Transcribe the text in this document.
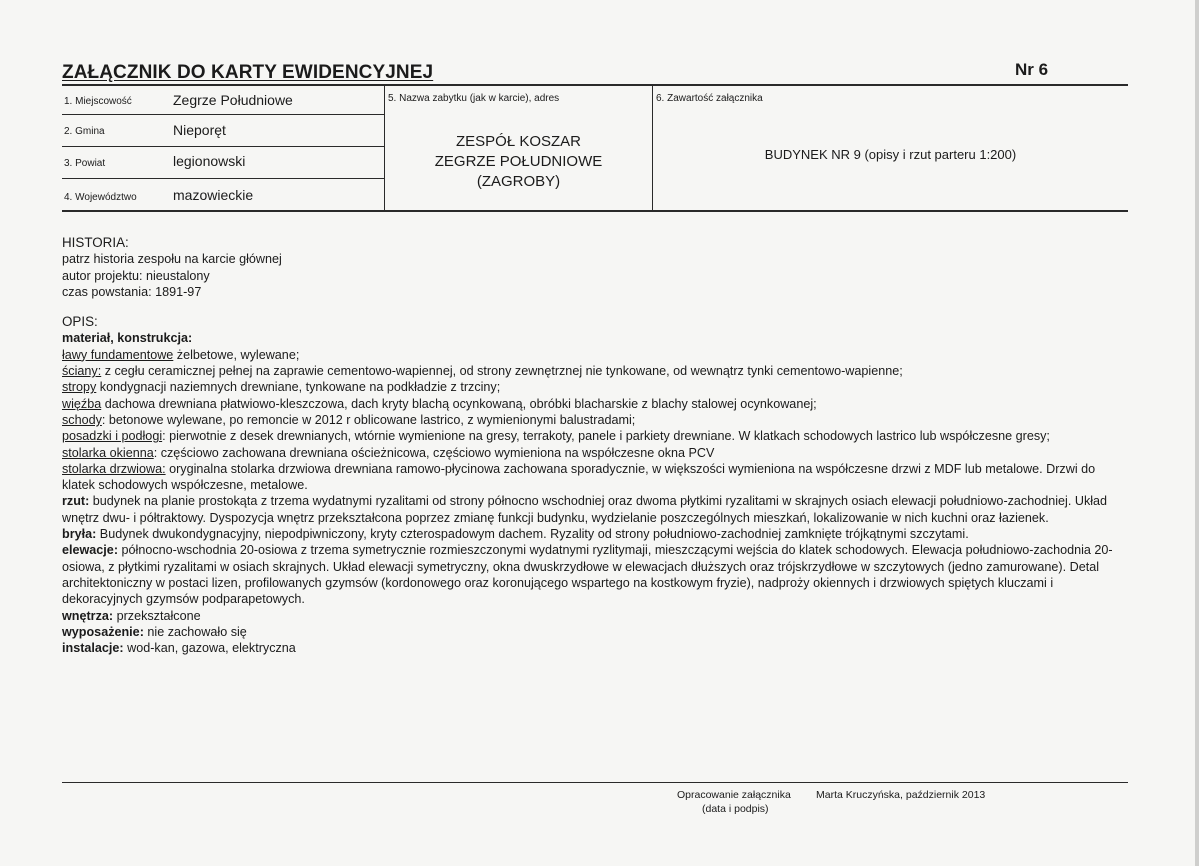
ZAŁĄCZNIK DO KARTY EWIDENCYJNEJ	Nr 6
1. Miejscowość	Zegrze Południowe
2. Gmina	Nieporęt
3. Powiat	legionowski
4. Województwo	mazowieckie
5. Nazwa zabytku (jak w karcie), adres
ZESPÓŁ KOSZAR
ZEGRZE POŁUDNIOWE
(ZAGROBY)
6. Zawartość załącznika
BUDYNEK NR 9 (opisy i rzut parteru 1:200)

HISTORIA:

patrz historia zespołu na karcie głównej

autor projektu: nieustalony

czas powstania: 1891-97

OPIS:

materiał, konstrukcja:

ławy fundamentowe żelbetowe, wylewane;

ściany: z cegłu ceramicznej pełnej na zaprawie cementowo-wapiennej, od strony zewnętrznej nie tynkowane, od wewnątrz tynki cementowo-wapienne;

stropy kondygnacji naziemnych drewniane, tynkowane na podkładzie z trzciny;

więźba dachowa drewniana płatwiowo-kleszczowa, dach kryty blachą ocynkowaną, obróbki blacharskie z blachy stalowej ocynkowanej;

schody: betonowe wylewane, po remoncie w 2012 r oblicowane lastrico, z wymienionymi balustradami;

posadzki i podłogi: pierwotnie z desek drewnianych, wtórnie wymienione na gresy, terrakoty, panele i parkiety drewniane. W klatkach schodowych lastrico lub współczesne gresy;

stolarka okienna: częściowo zachowana drewniana ościeżnicowa, częściowo wymieniona na współczesne okna PCV

stolarka drzwiowa: oryginalna stolarka drzwiowa drewniana ramowo-płycinowa zachowana sporadycznie, w większości wymieniona na współczesne drzwi z MDF lub metalowe. Drzwi do klatek schodowych współczesne, metalowe.

rzut: budynek na planie prostokąta z trzema wydatnymi ryzalitami od strony północno wschodniej oraz dwoma płytkimi ryzalitami w skrajnych osiach elewacji południowo-zachodniej. Układ wnętrz dwu- i półtraktowy. Dyspozycja wnętrz przekształcona poprzez zmianę funkcji budynku, wydzielanie poszczególnych mieszkań, lokalizowanie w nich kuchni oraz łazienek.

bryła: Budynek dwukondygnacyjny, niepodpiwniczony, kryty czterospadowym dachem. Ryzality od strony południowo-zachodniej zamknięte trójkątnymi szczytami.

elewacje: północno-wschodnia 20-osiowa z trzema symetrycznie rozmieszczonymi wydatnymi ryzlitymaji, mieszczącymi wejścia do klatek schodowych. Elewacja południowo-zachodnia 20-osiowa, z płytkimi ryzalitami w osiach skrajnych. Układ elewacji symetryczny, okna dwuskrzydłowe w elewacjach dłuższych oraz trójskrzydłowe w szczytowych (jedno zamurowane). Detal architektoniczny w postaci lizen, profilowanych gzymsów (kordonowego oraz koronującego wspartego na kostkowym fryzie), nadproży okiennych i drzwiowych spiętych kluczami i dekoracyjnych gzymsów podparapetowych.

wnętrza: przekształcone

wyposażenie: nie zachowało się

instalacje: wod-kan, gazowa, elektryczna

Opracowanie załącznika
(data i podpis)
Marta Kruczyńska, październik 2013
